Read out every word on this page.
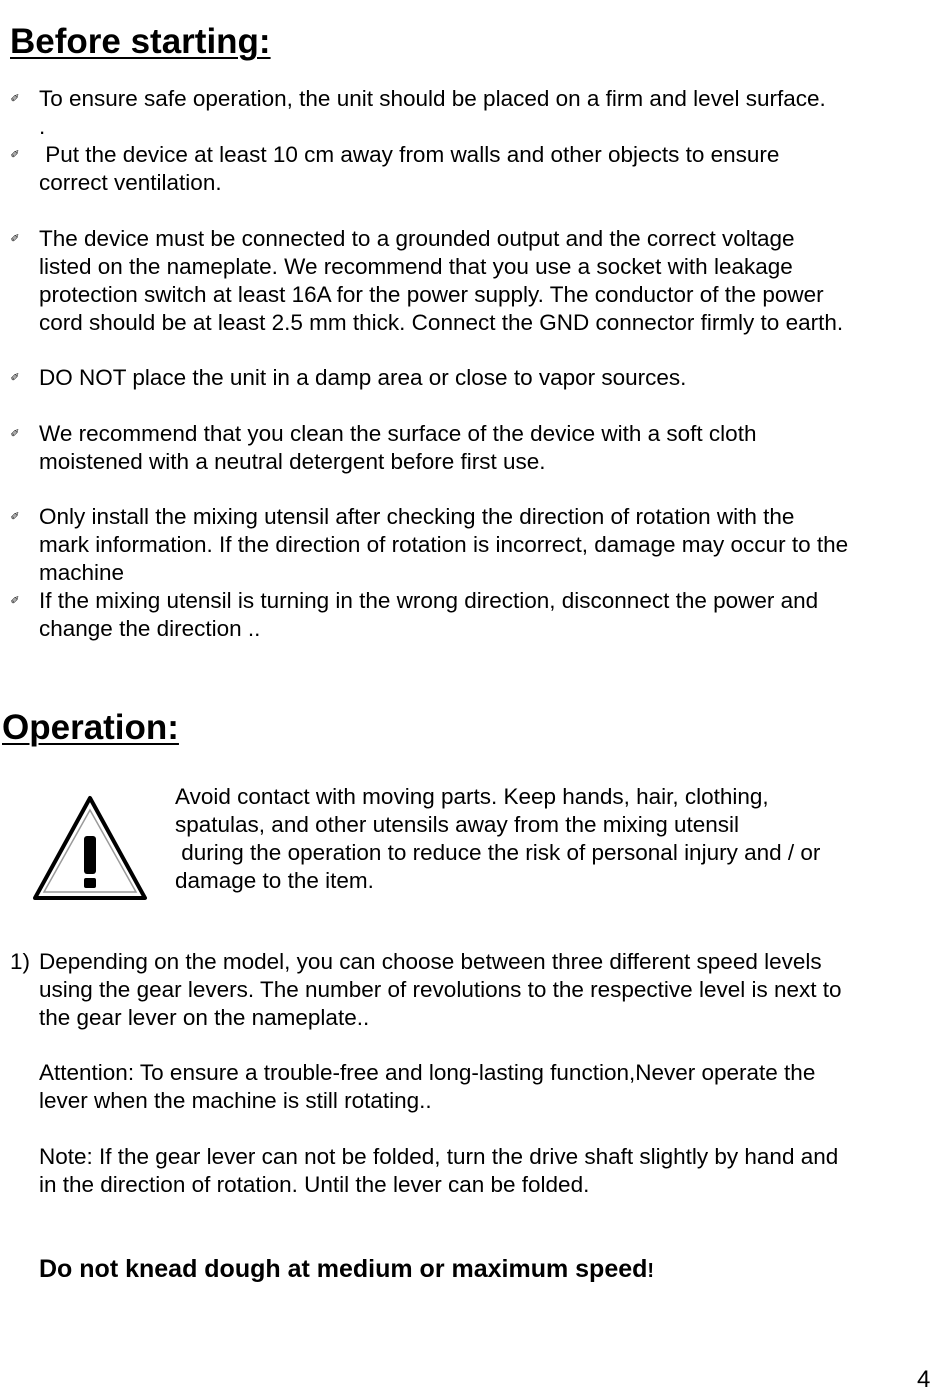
Before starting:
✐ To ensure safe operation, the unit should be placed on a firm and level surface.
.
✐ Put the device at least 10 cm away from walls and other objects to ensure
correct ventilation.
✐ The device must be connected to a grounded output and the correct voltage
listed on the nameplate. We recommend that you use a socket with leakage
protection switch at least 16A for the power supply. The conductor of the power
cord should be at least 2.5 mm thick. Connect the GND connector firmly to earth.
✐ DO NOT place the unit in a damp area or close to vapor sources.
✐ We recommend that you clean the surface of the device with a soft cloth
moistened with a neutral detergent before first use.
✐ Only install the mixing utensil after checking the direction of rotation with the
mark information. If the direction of rotation is incorrect, damage may occur to the
machine
✐ If the mixing utensil is turning in the wrong direction, disconnect the power and
change the direction ..
Operation:
Avoid contact with moving parts. Keep hands, hair, clothing,
spatulas, and other utensils away from the mixing utensil
during the operation to reduce the risk of personal injury and / or
damage to the item.
1) Depending on the model, you can choose between three different speed levels
using the gear levers. The number of revolutions to the respective level is next to
the gear lever on the nameplate..
Attention: To ensure a trouble-free and long-lasting function,Never operate the
lever when the machine is still rotating..
Note: If the gear lever can not be folded, turn the drive shaft slightly by hand and
in the direction of rotation. Until the lever can be folded.
Do not knead dough at medium or maximum speed!
4
